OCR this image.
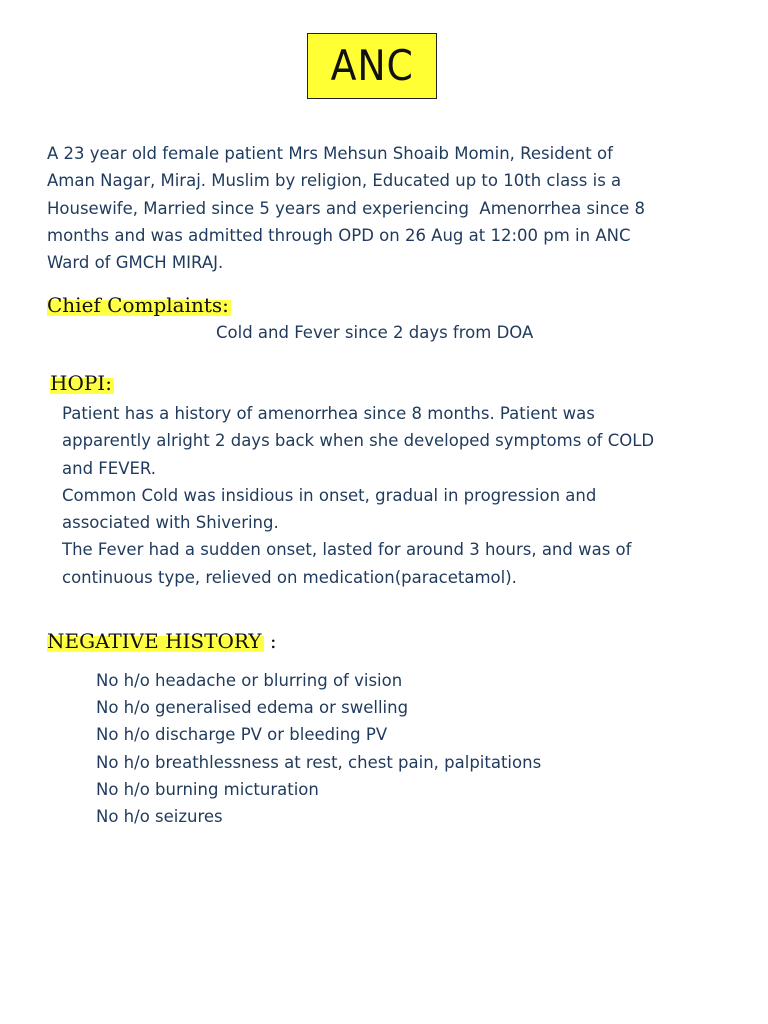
ANC
A 23 year old female patient Mrs Mehsun Shoaib Momin, Resident of
Aman Nagar, Miraj. Muslim by religion, Educated up to 10th class is a
Housewife, Married since 5 years and experiencing  Amenorrhea since 8
months and was admitted through OPD on 26 Aug at 12:00 pm in ANC
Ward of GMCH MIRAJ.
Chief Complaints:
Cold and Fever since 2 days from DOA
HOPI:
Patient has a history of amenorrhea since 8 months. Patient was
apparently alright 2 days back when she developed symptoms of COLD
and FEVER.
Common Cold was insidious in onset, gradual in progression and
associated with Shivering.
The Fever had a sudden onset, lasted for around 3 hours, and was of
continuous type, relieved on medication(paracetamol).
NEGATIVE HISTORY :
No h/o headache or blurring of vision
No h/o generalised edema or swelling
No h/o discharge PV or bleeding PV
No h/o breathlessness at rest, chest pain, palpitations
No h/o burning micturation
No h/o seizures
